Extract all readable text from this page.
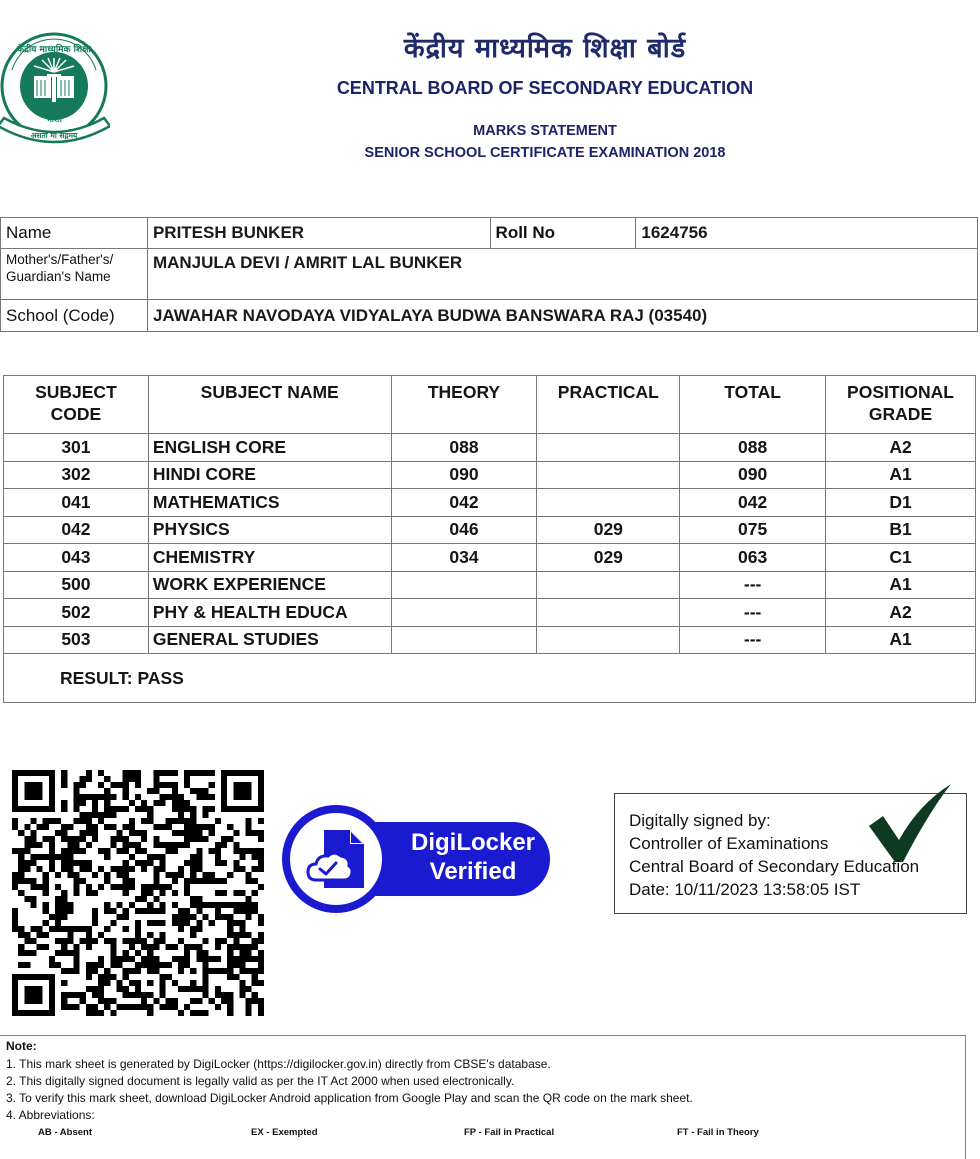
केंद्रीय माध्यमिक शिक्षा
भारत
असतो मा सद्गमय
केंद्रीय माध्यमिक शिक्षा बोर्ड
CENTRAL BOARD OF SECONDARY EDUCATION
MARKS STATEMENT
SENIOR SCHOOL CERTIFICATE EXAMINATION 2018
Name	PRITESH BUNKER	Roll No	1624756

Mother's/Father's/
Guardian's Name	MANJULA DEVI / AMRIT LAL BUNKER		
School (Code)	JAWAHAR NAVODAYA VIDYALAYA BUDWA BANSWARA RAJ (03540)		
SUBJECT
CODE
	SUBJECT NAME	THEORY	PRACTICAL	TOTAL	POSITIONAL
GRADE

301	ENGLISH CORE	088		088	A2
302	HINDI CORE	090		090	A1
041	MATHEMATICS	042		042	D1
042	PHYSICS	046	029	075	B1
043	CHEMISTRY	034	029	063	C1
500	WORK EXPERIENCE			---	A1
502	PHY & HEALTH EDUCA			---	A2
503	GENERAL STUDIES			---	A1
RESULT: PASS					
DigiLocker
Verified
Digitally signed by:
Controller of Examinations
Central Board of Secondary Education
Date: 10/11/2023 13:58:05 IST
Note:
1. This mark sheet is generated by DigiLocker (https://digilocker.gov.in) directly from CBSE's database.
2. This digitally signed document is legally valid as per the IT Act 2000 when used electronically.
3. To verify this mark sheet, download DigiLocker Android application from Google Play and scan the QR code on the mark sheet.
4. Abbreviations:
AB - Absent	EX - Exempted	FP - Fail in Practical	FT - Fail in Theory
